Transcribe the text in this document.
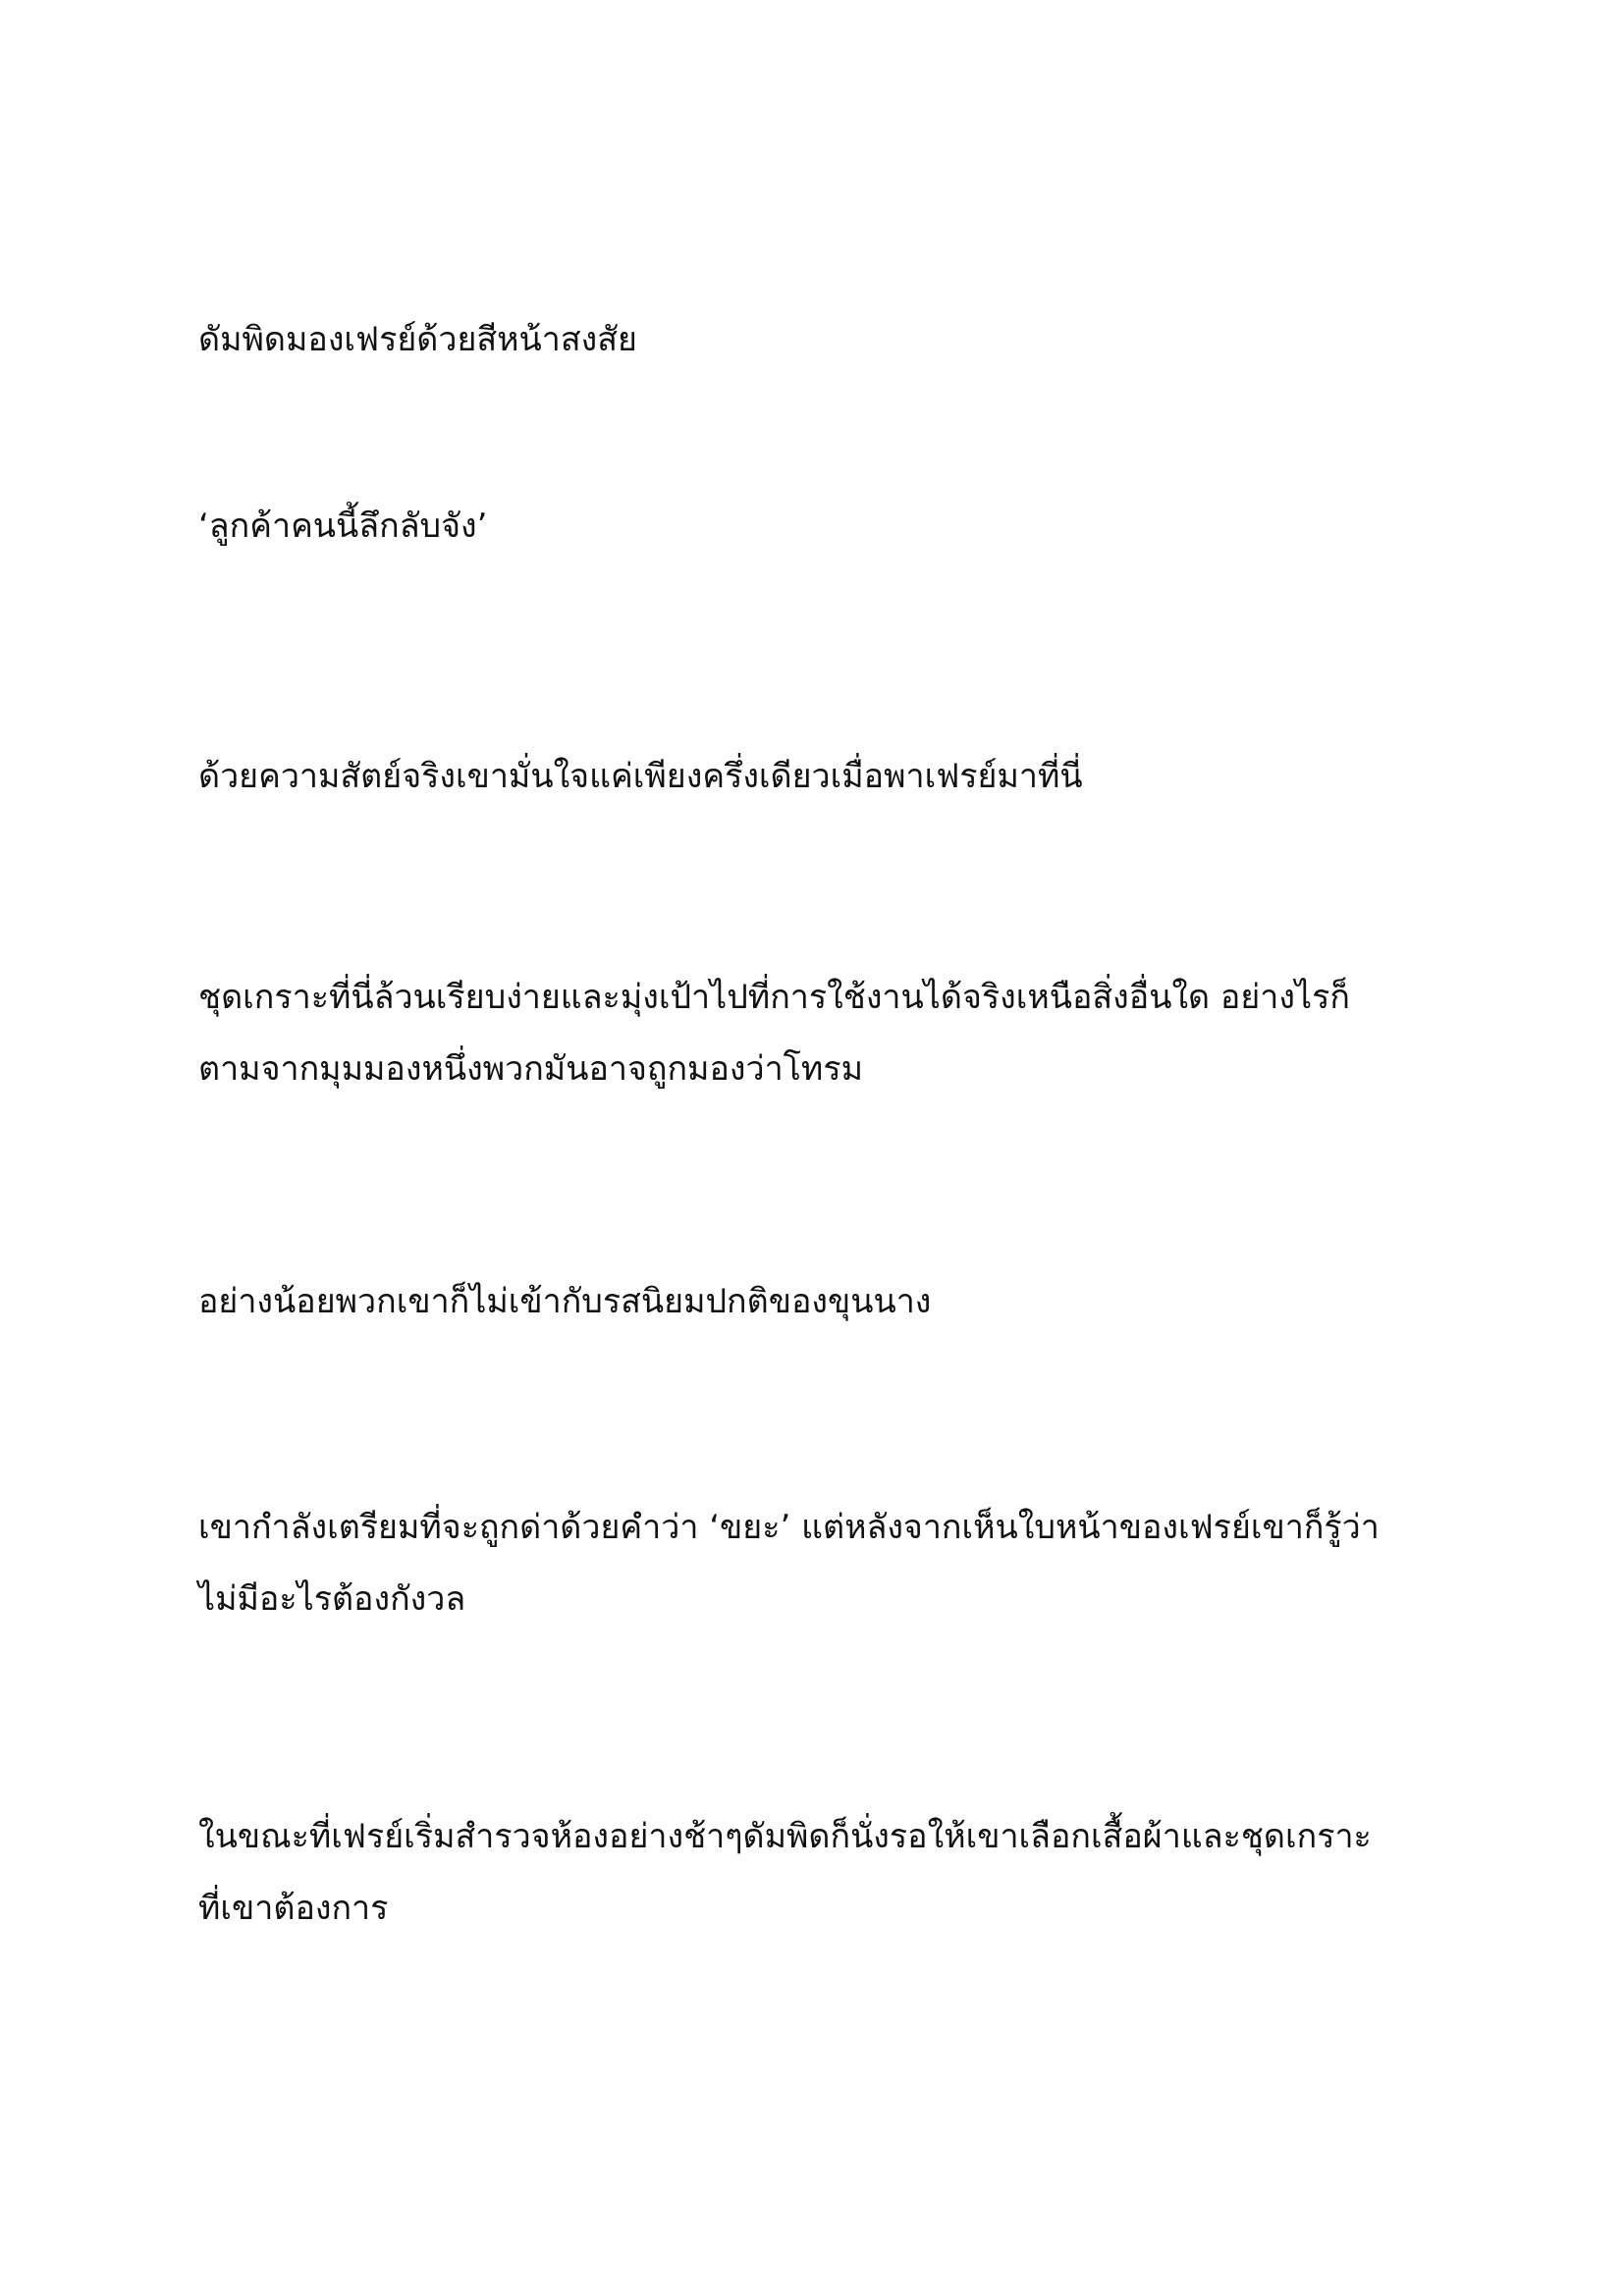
ดัมพิดมองเฟรย์ด้วยสีหน้าสงสัย

‘ลูกค้าคนนี้ลึกลับจัง’

ด้วยความสัตย์จริงเขามั่นใจแค่เพียงครึ่งเดียวเมื่อพาเฟรย์มาที่นี่

ชุดเกราะที่นี่ล้วนเรียบง่ายและมุ่งเป้าไปที่การใช้งานได้จริงเหนือสิ่งอื่นใด อย่างไรก็
ตามจากมุมมองหนึ่งพวกมันอาจถูกมองว่าโทรม

อย่างน้อยพวกเขาก็ไม่เข้ากับรสนิยมปกติของขุนนาง

เขากำลังเตรียมที่จะถูกด่าด้วยคำว่า ‘ขยะ’ แต่หลังจากเห็นใบหน้าของเฟรย์เขาก็รู้ว่า
ไม่มีอะไรต้องกังวล

ในขณะที่เฟรย์เริ่มสำรวจห้องอย่างช้าๆดัมพิดก็นั่งรอให้เขาเลือกเสื้อผ้าและชุดเกราะ
ที่เขาต้องการ
